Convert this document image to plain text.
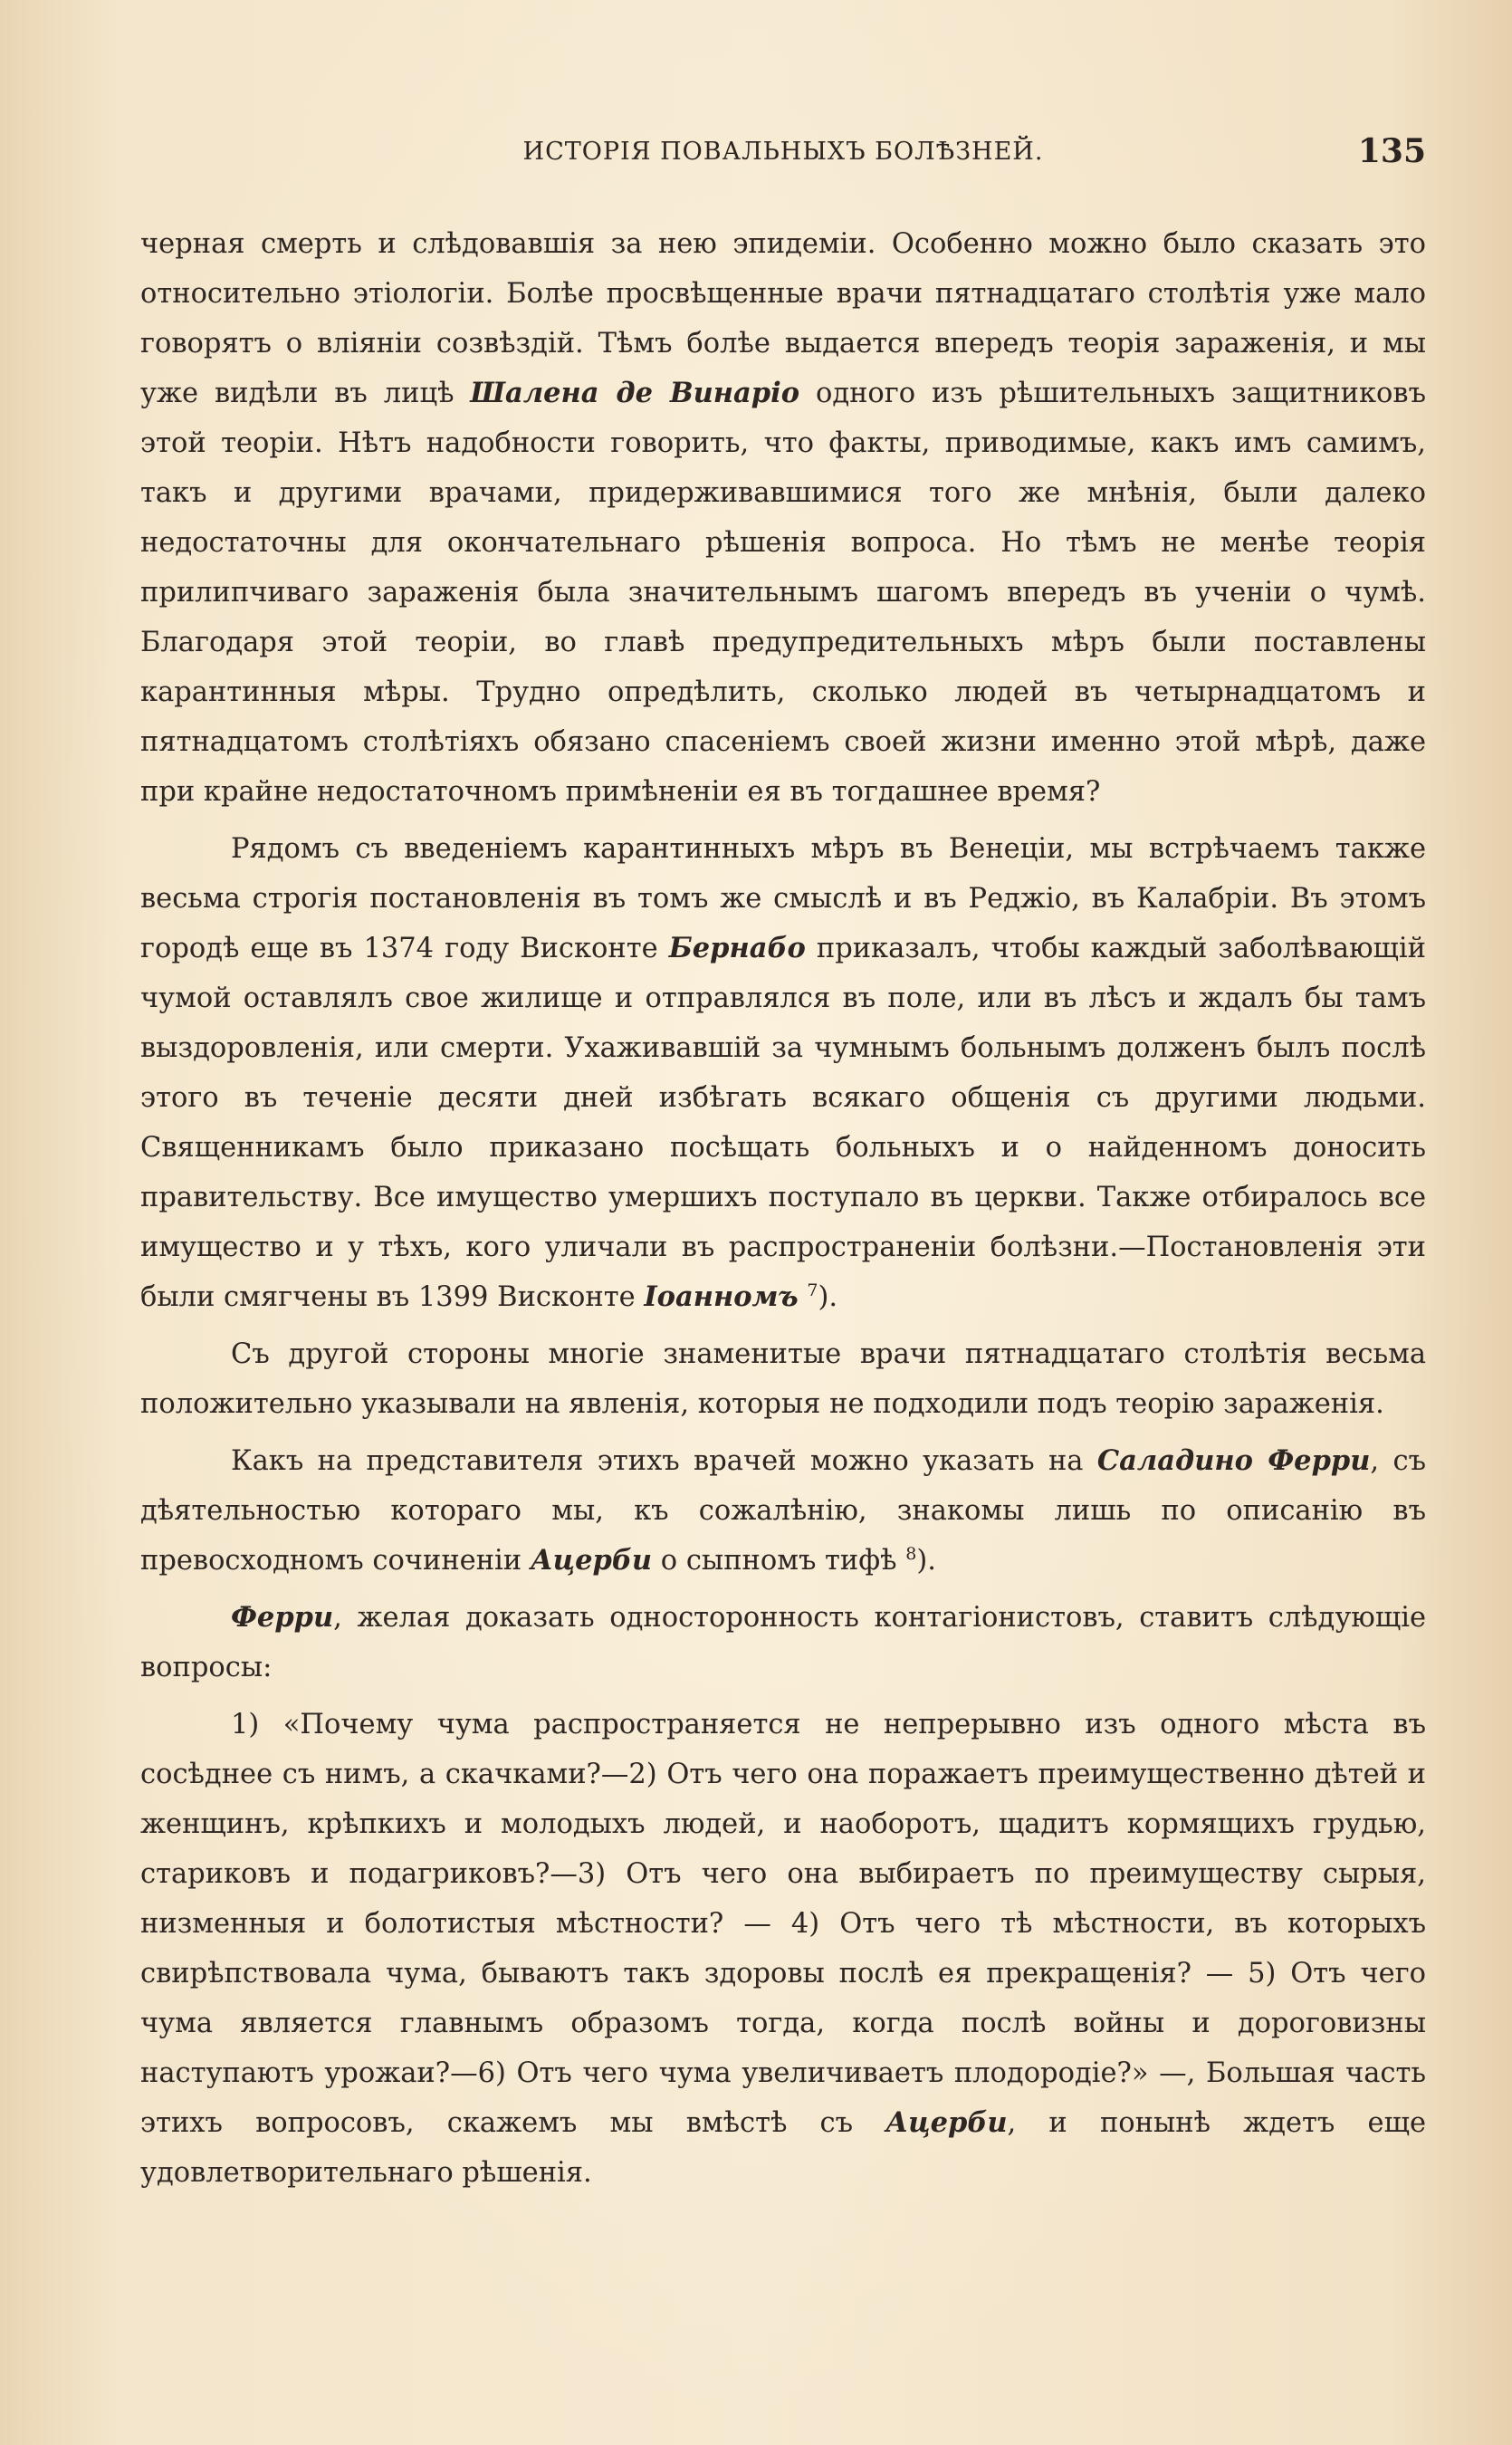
ИСТОРІЯ ПОВАЛЬНЫХЪ БОЛѢЗНЕЙ.	135

черная смерть и слѣдовавшія за нею эпидеміи. Особенно можно было сказать это относительно этіологіи. Болѣе просвѣщенные врачи пятнадцатаго столѣтія уже мало говорятъ о вліяніи созвѣздій. Тѣмъ болѣе выдается впередъ теорія зараженія, и мы уже видѣли въ лицѣ Шалена де Винаріо одного изъ рѣшительныхъ защитниковъ этой теоріи. Нѣтъ надобности говорить, что факты, приводимые, какъ имъ самимъ, такъ и другими врачами, придерживавшимися того же мнѣнія, были далеко недостаточны для окончательнаго рѣшенія вопроса. Но тѣмъ не менѣе теорія прилипчиваго зараженія была значительнымъ шагомъ впередъ въ ученіи о чумѣ. Благодаря этой теоріи, во главѣ предупредительныхъ мѣръ были поставлены карантинныя мѣры. Трудно опредѣлить, сколько людей въ четырнадцатомъ и пятнадцатомъ столѣтіяхъ обязано спасеніемъ своей жизни именно этой мѣрѣ, даже при крайне недостаточномъ примѣненіи ея въ тогдашнее время?

Рядомъ съ введеніемъ карантинныхъ мѣръ въ Венеціи, мы встрѣчаемъ также весьма строгія постановленія въ томъ же смыслѣ и въ Реджіо, въ Калабріи. Въ этомъ городѣ еще въ 1374 году Висконте Бернабо приказалъ, чтобы каждый заболѣвающій чумой оставлялъ свое жилище и отправлялся въ поле, или въ лѣсъ и ждалъ бы тамъ выздоровленія, или смерти. Ухаживавшій за чумнымъ больнымъ долженъ былъ послѣ этого въ теченіе десяти дней избѣгать всякаго общенія съ другими людьми. Священникамъ было приказано посѣщать больныхъ и о найденномъ доносить правительству. Все имущество умершихъ поступало въ церкви. Также отбиралось все имущество и у тѣхъ, кого уличали въ распространеніи болѣзни.—Постановленія эти были смягчены въ 1399 Висконте Іоанномъ $^7$).

Съ другой стороны многіе знаменитые врачи пятнадцатаго столѣтія весьма положительно указывали на явленія, которыя не подходили подъ теорію зараженія.

Какъ на представителя этихъ врачей можно указать на Саладино Ферри, съ дѣятельностью котораго мы, къ сожалѣнію, знакомы лишь по описанію въ превосходномъ сочиненіи Ацерби о сыпномъ тифѣ $^8$).

Ферри, желая доказать односторонность контагіонистовъ, ставитъ слѣдующіе вопросы:

1) «Почему чума распространяется не непрерывно изъ одного мѣста въ сосѣднее съ нимъ, а скачками?—2) Отъ чего она поражаетъ преимущественно дѣтей и женщинъ, крѣпкихъ и молодыхъ людей, и наоборотъ, щадитъ кормящихъ грудью, стариковъ и подагриковъ?—3) Отъ чего она выбираетъ по преимуществу сырыя, низменныя и болотистыя мѣстности? — 4) Отъ чего тѣ мѣстности, въ которыхъ свирѣпствовала чума, бываютъ такъ здоровы послѣ ея прекращенія? — 5) Отъ чего чума является главнымъ образомъ тогда, когда послѣ войны и дороговизны наступаютъ урожаи?—6) Отъ чего чума увеличиваетъ плодородіе?» —, Большая часть этихъ вопросовъ, скажемъ мы вмѣстѣ съ Ацерби, и понынѣ ждетъ еще удовлетворительнаго рѣшенія.
